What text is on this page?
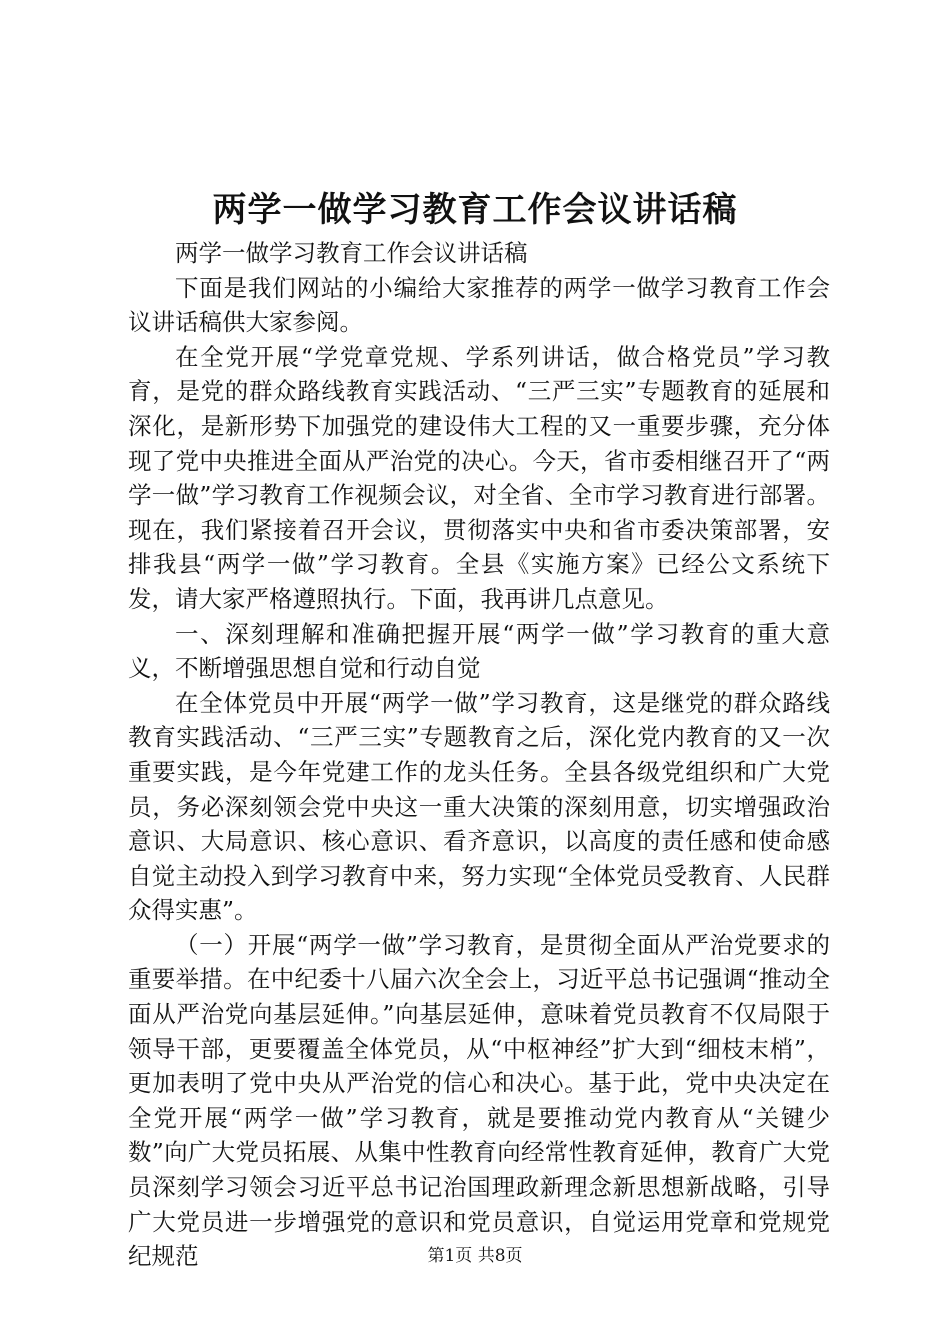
两学一做学习教育工作会议讲话稿

两学一做学习教育工作会议讲话稿

下面是我们网站的小编给大家推荐的两学一做学习教育工作会议讲话稿供大家参阅。

在全党开展“学党章党规、学系列讲话，做合格党员”学习教育，是党的群众路线教育实践活动、“三严三实”专题教育的延展和深化，是新形势下加强党的建设伟大工程的又一重要步骤，充分体现了党中央推进全面从严治党的决心。今天，省市委相继召开了“两学一做”学习教育工作视频会议，对全省、全市学习教育进行部署。现在，我们紧接着召开会议，贯彻落实中央和省市委决策部署，安排我县“两学一做”学习教育。全县《实施方案》已经公文系统下发，请大家严格遵照执行。下面，我再讲几点意见。

一、深刻理解和准确把握开展“两学一做”学习教育的重大意义，不断增强思想自觉和行动自觉

在全体党员中开展“两学一做”学习教育，这是继党的群众路线教育实践活动、“三严三实”专题教育之后，深化党内教育的又一次重要实践，是今年党建工作的龙头任务。全县各级党组织和广大党员，务必深刻领会党中央这一重大决策的深刻用意，切实增强政治意识、大局意识、核心意识、看齐意识，以高度的责任感和使命感自觉主动投入到学习教育中来，努力实现“全体党员受教育、人民群众得实惠”。

（一）开展“两学一做”学习教育，是贯彻全面从严治党要求的重要举措。在中纪委十八届六次全会上，习近平总书记强调“推动全面从严治党向基层延伸。”向基层延伸，意味着党员教育不仅局限于领导干部，更要覆盖全体党员，从“中枢神经”扩大到“细枝末梢”，更加表明了党中央从严治党的信心和决心。基于此，党中央决定在全党开展“两学一做”学习教育，就是要推动党内教育从“关键少数”向广大党员拓展、从集中性教育向经常性教育延伸，教育广大党员深刻学习领会习近平总书记治国理政新理念新思想新战略，引导广大党员进一步增强党的意识和党员意识，自觉运用党章和党规党纪规范	第1页 共8页
